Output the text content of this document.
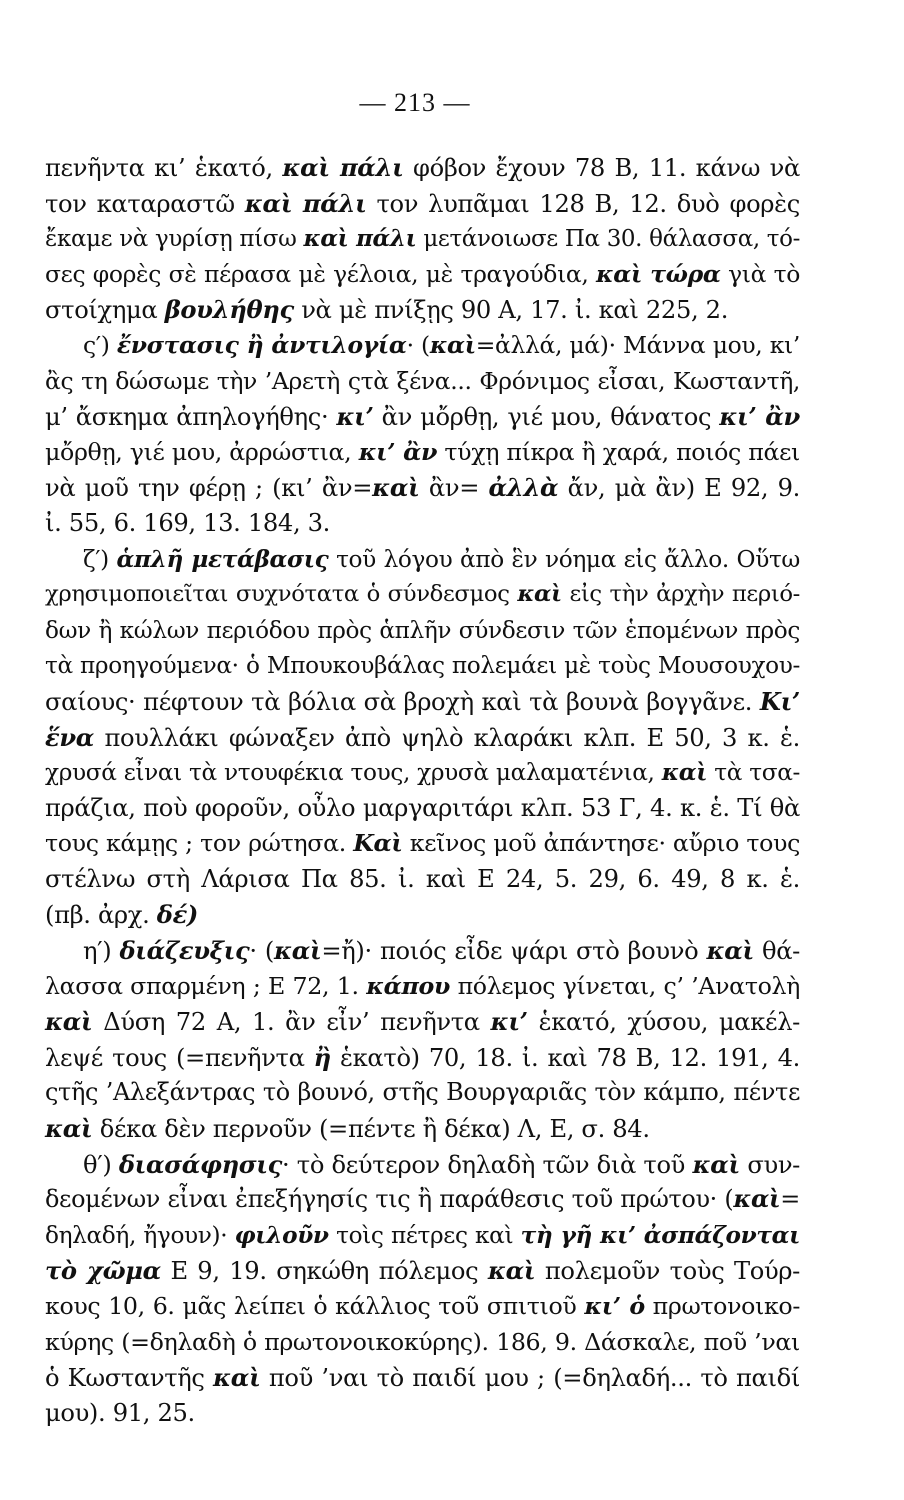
— 213 —
πενῆντα κι’ ἑκατό, καὶ πάλι φόβον ἔχουν 78 Β, 11. κάνω νὰ
τον καταραστῶ καὶ πάλι τον λυπᾶμαι 128 Β, 12. δυὸ φορὲς
ἔκαμε νὰ γυρίσῃ πίσω καὶ πάλι μετάνοιωσε Πα 30. θάλασσα, τό-
σες φορὲς σὲ πέρασα μὲ γέλοια, μὲ τραγούδια, καὶ τώρα γιὰ τὸ
στοίχημα βουλήθης νὰ μὲ πνίξῃς 90 Α, 17. ἰ. καὶ 225, 2.
ς′) ἔνστασις ἢ ἀντιλογία· (καὶ=ἀλλά, μά)· Μάννα μου, κι’
ἂς τη δώσωμε τὴν ’Αρετὴ ςτὰ ξένα... Φρόνιμος εἶσαι, Κωσταντῆ,
μ’ ἄσκημα ἀπηλογήθης· κι’ ἂν μὄρθῃ, γιέ μου, θάνατος κι’ ἂν
μὄρθῃ, γιέ μου, ἀρρώστια, κι’ ἂν τύχῃ πίκρα ἢ χαρά, ποιός πάει
νὰ μοῦ την φέρῃ ; (κι’ ἂν=καὶ ἂν= ἀλλὰ ἄν, μὰ ἂν) Ε 92, 9.
ἰ. 55, 6. 169, 13. 184, 3.
ζ′) ἁπλῆ μετάβασις τοῦ λόγου ἀπὸ ἓν νόημα εἰς ἄλλο. Οὕτω
χρησιμοποιεῖται συχνότατα ὁ σύνδεσμος καὶ εἰς τὴν ἀρχὴν περιό-
δων ἢ κώλων περιόδου πρὸς ἁπλῆν σύνδεσιν τῶν ἑπομένων πρὸς
τὰ προηγούμενα· ὁ Μπουκουβάλας πολεμάει μὲ τοὺς Μουσουχου-
σαίους· πέφτουν τὰ βόλια σὰ βροχὴ καὶ τὰ βουνὰ βογγᾶνε. Κι’
ἕνα πουλλάκι φώναξεν ἀπὸ ψηλὸ κλαράκι κλπ. Ε 50, 3 κ. ἑ.
χρυσά εἶναι τὰ ντουφέκια τους, χρυσὰ μαλαματένια, καὶ τὰ τσα-
πράζια, ποὺ φοροῦν, οὖλο μαργαριτάρι κλπ. 53 Γ, 4. κ. ἑ. Τί θὰ
τους κάμῃς ; τον ρώτησα. Καὶ κεῖνος μοῦ ἀπάντησε· αὔριο τους
στέλνω στὴ Λάρισα Πα 85. ἰ. καὶ Ε 24, 5. 29, 6. 49, 8 κ. ἑ.
(πβ. ἀρχ. δέ)
η′) διάζευξις· (καὶ=ἤ)· ποιός εἶδε ψάρι στὸ βουνὸ καὶ θά-
λασσα σπαρμένη ; Ε 72, 1. κάπου πόλεμος γίνεται, ς’ ’Ανατολὴ
καὶ Δύση 72 Α, 1. ἂν εἶν’ πενῆντα κι’ ἑκατό, χύσου, μακέλ-
λεψέ τους (=πενῆντα ἢ ἑκατὸ) 70, 18. ἰ. καὶ 78 Β, 12. 191, 4.
ςτῆς ’Αλεξάντρας τὸ βουνό, στῆς Βουργαριᾶς τὸν κάμπο, πέντε
καὶ δέκα δὲν περνοῦν (=πέντε ἢ δέκα) Λ, Ε, σ. 84.
θ′) διασάφησις· τὸ δεύτερον δηλαδὴ τῶν διὰ τοῦ καὶ συν-
δεομένων εἶναι ἐπεξήγησίς τις ἢ παράθεσις τοῦ πρώτου· (καὶ=
δηλαδή, ἤγουν)· φιλοῦν τοὶς πέτρες καὶ τὴ γῆ κι’ ἀσπάζονται
τὸ χῶμα Ε 9, 19. σηκώθη πόλεμος καὶ πολεμοῦν τοὺς Τούρ-
κους 10, 6. μᾶς λείπει ὁ κάλλιος τοῦ σπιτιοῦ κι’ ὁ πρωτονοικο-
κύρης (=δηλαδὴ ὁ πρωτονοικοκύρης). 186, 9. Δάσκαλε, ποῦ ’ναι
ὁ Κωσταντῆς καὶ ποῦ ’ναι τὸ παιδί μου ; (=δηλαδή... τὸ παιδί
μου). 91, 25.
